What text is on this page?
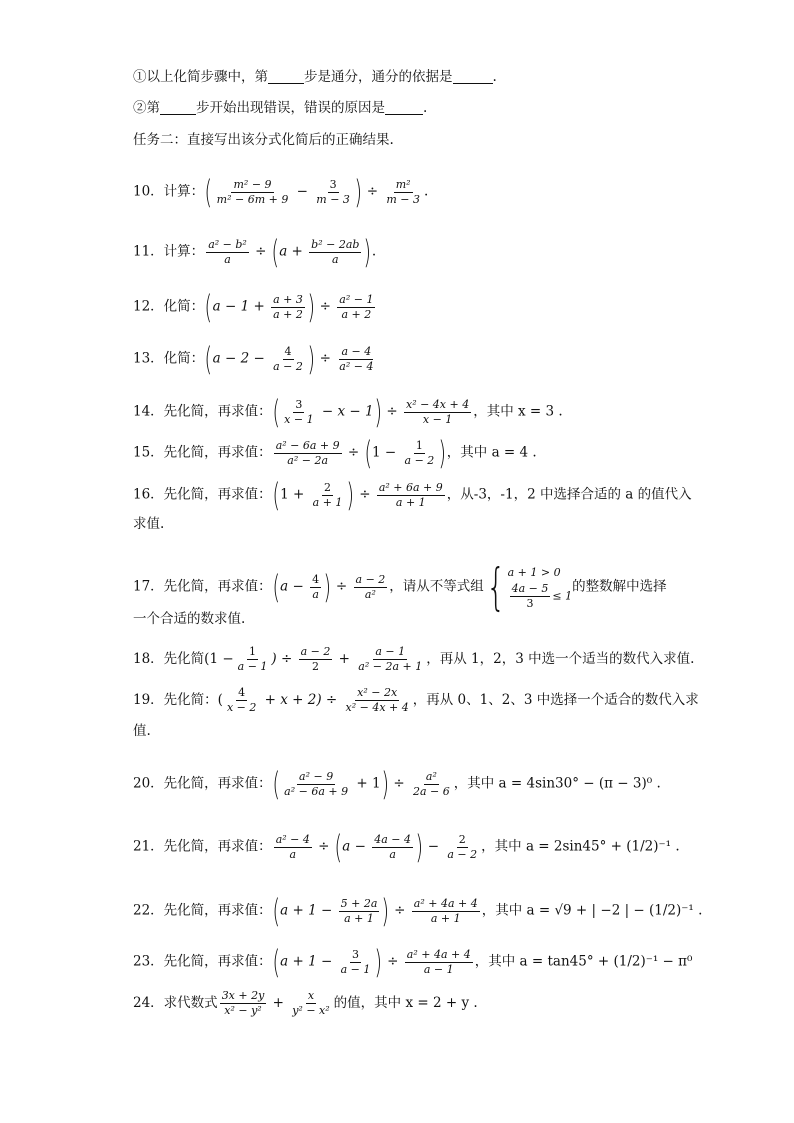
①以上化简步骤中，第	步是通分，通分的依据是	.
②第	步开始出现错误，错误的原因是	.
任务二：直接写出该分式化简后的正确结果.
10．计算：( $\frac{\text{m² − 9}}{\text{m² − 6m + 9}} - \frac{3}{m - 3}$ ) ÷ $\frac{\text{m²}}{m - 3}$ .
11．计算： $\frac{\text{a² − b²}}{a} \div (a + \frac{\text{b² − 2ab}}{a}$ ).
12．化简：($a - 1 + \frac{a + 3}{a + 2}$ ) ÷ $\frac{\text{a² − 1}}{a + 2}$
13．化简：($a - 2 - \frac{4}{a - 2}$ ) ÷ $\frac{a - 4}{\text{a² − 4}}$
14．先化简，再求值：( $\frac{3}{x - 1} - x - 1) \div \frac{\text{x² − 4x + 4}}{x - 1}$ ，其中 x = 3 .
15．先化简，再求值： $\frac{\text{a² − 6a + 9}}{\text{a² − 2a}} \div (1 - \frac{1}{a - 2}$ )，其中 a = 4 .
16．先化简，再求值：($1 + \frac{2}{a + 1}$ ) ÷ $\frac{\text{a² + 6a + 9}}{a + 1}$ ，从-3，-1，2 中选择合适的 a 的值代入
求值.
17．先化简，再求值：($a - \frac{4}{a}$ ) ÷ $\frac{a - 2}{\text{a²}}$ ，请从不等式组{ a + 1 > 0
$\frac{4a - 5}{3} \le 1$
的整数解中选择
一个合适的数求值.
18．先化简($1 - \frac{1}{a - 1}$ ) ÷ $\frac{a - 2}{2} + \frac{a - 1}{\text{a² − 2a + 1}}$ ，再从 1，2，3 中选一个适当的数代入求值.
19．先化简：( $\frac{4}{x - 2} + x + 2) \div \frac{\text{x² − 2x}}{\text{x² − 4x + 4}}$ ，再从 0、1、2、3 中选择一个适合的数代入求
值.
20．先化简，再求值：( $\frac{\text{a² − 9}}{\text{a² − 6a + 9}} + 1) \div \frac{\text{a²}}{2a - 6}$ ，其中 a = 4sin30° − (π − 3)⁰ .
21．先化简，再求值： $\frac{\text{a² − 4}}{a} \div (a - \frac{4a - 4}{a}$ ) − $\frac{2}{a - 2}$ ，其中 a = 2sin45° + (1/2)⁻¹ .
22．先化简，再求值：($a + 1 - \frac{5 + 2a}{a + 1}$ ) ÷ $\frac{\text{a² + 4a + 4}}{a + 1}$ ，其中 a = √9 + | −2 | − (1/2)⁻¹ .
23．先化简，再求值：($a + 1 - \frac{3}{a - 1}$ ) ÷ $\frac{\text{a² + 4a + 4}}{a - 1}$ ，其中 a = tan45° + (1/2)⁻¹ − π⁰
24．求代数式 $\frac{3x + 2y}{\text{x² − y²}} + \frac{x}{\text{y² − x²}}$ 的值，其中 x = 2 + y .
